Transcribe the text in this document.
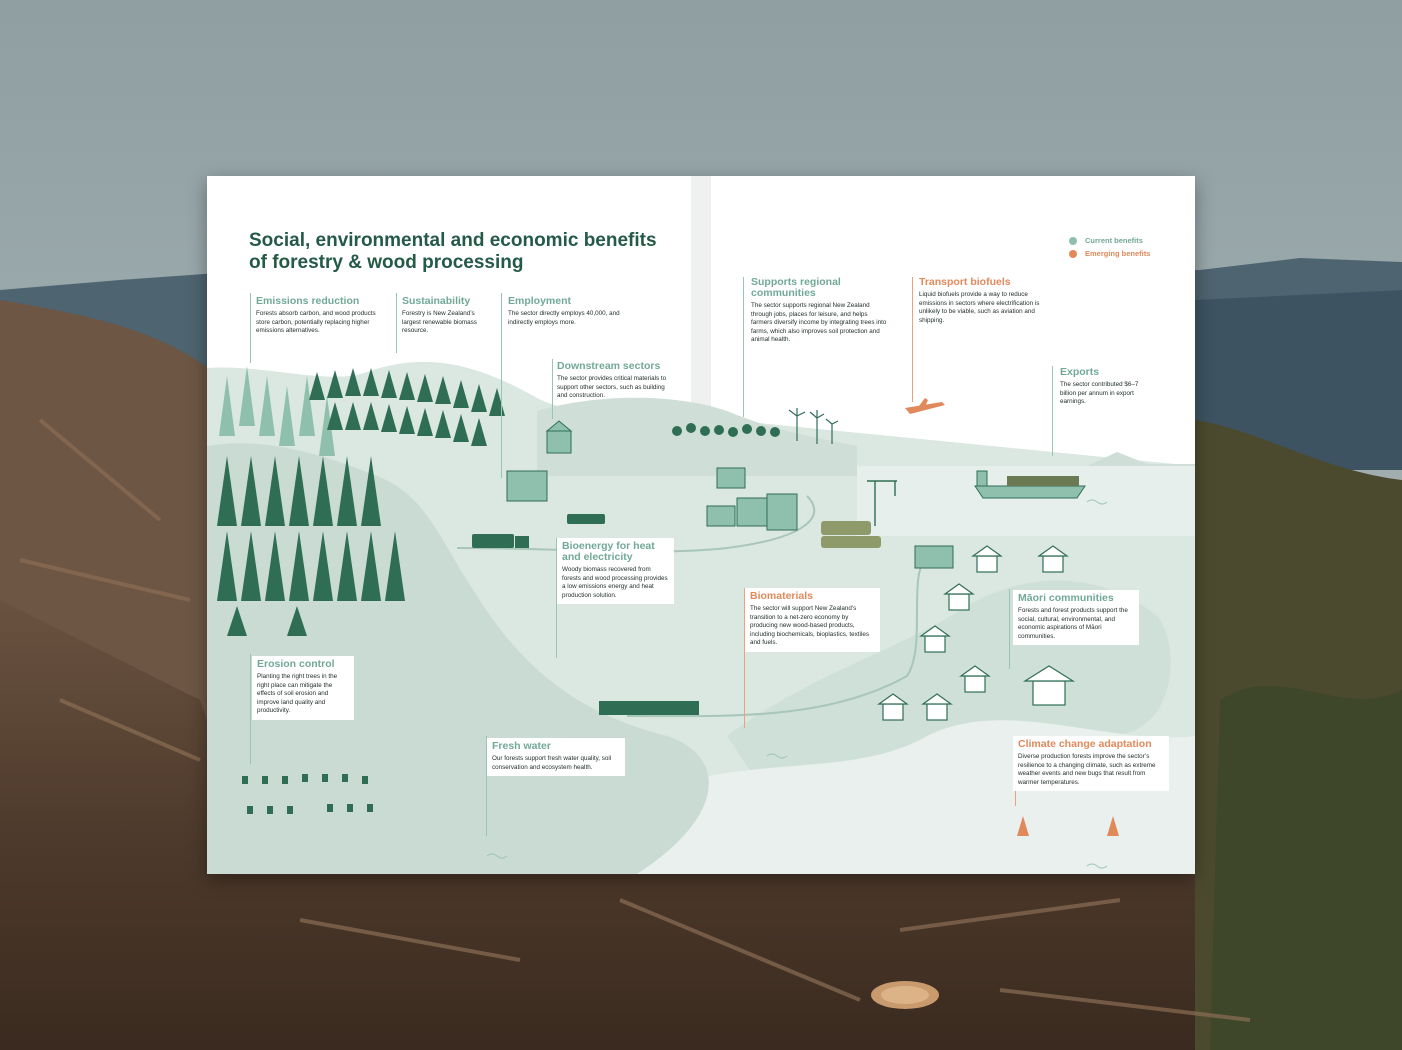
Social, environmental and economic benefits of forestry & wood processing
Current benefits
Emerging benefits
Emissions reduction

Forests absorb carbon, and wood products store carbon, potentially replacing higher emissions alternatives.

Sustainability

Forestry is New Zealand’s largest renewable biomass resource.

Employment

The sector directly employs 40,000, and indirectly employs more.

Downstream sectors

The sector provides critical materials to support other sectors, such as building and construction.

Supports regional communities

The sector supports regional New Zealand through jobs, places for leisure, and helps farmers diversify income by integrating trees into farms, which also improves soil protection and animal health.

Transport biofuels

Liquid biofuels provide a way to reduce emissions in sectors where electrification is unlikely to be viable, such as aviation and shipping.

Exports

The sector contributed $6–7 billion per annum in export earnings.

Bioenergy for heat and electricity

Woody biomass recovered from forests and wood processing provides a low emissions energy and heat production solution.	Biomaterials

The sector will support New Zealand’s transition to a net-zero economy by producing new wood-based products, including biochemicals, bioplastics, textiles and fuels.

Māori communities

Forests and forest products support the social, cultural, environmental, and economic aspirations of Māori communities.

Erosion control

Planting the right trees in the right place can mitigate the effects of soil erosion and improve land quality and productivity.

Fresh water

Our forests support fresh water quality, soil conservation and ecosystem health.

Climate change adaptation

Diverse production forests improve the sector’s resilience to a changing climate, such as extreme weather events and new bugs that result from warmer temperatures.
